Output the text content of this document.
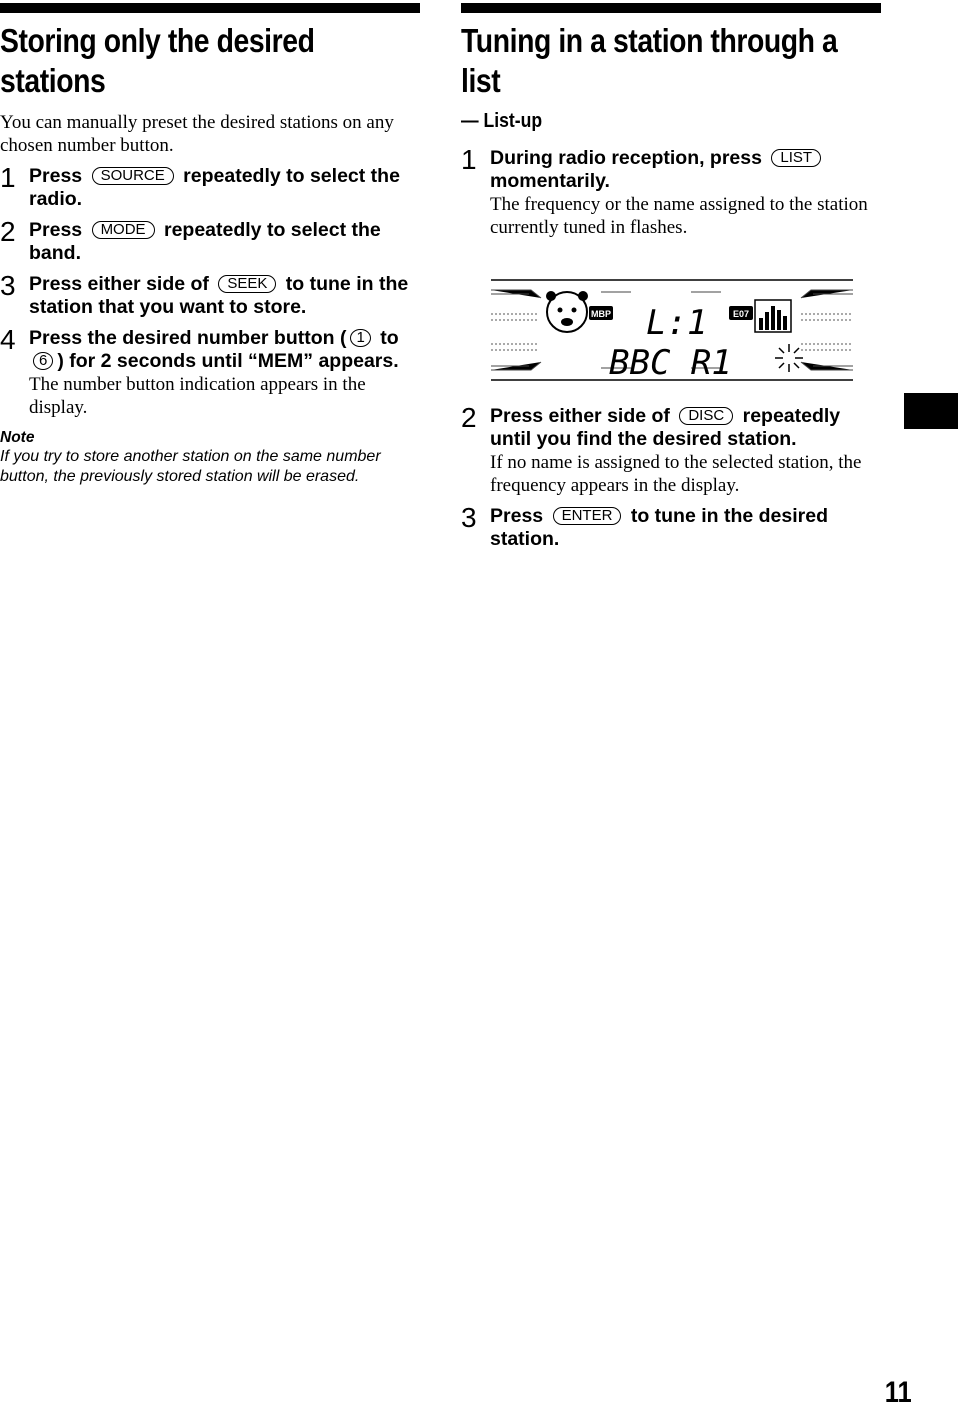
Storing only the desired stations
You can manually preset the desired stations on any chosen number button.
1 Press SOURCE repeatedly to select the radio.
2 Press MODE repeatedly to select the band.
3 Press either side of SEEK to tune in the station that you want to store.
4 Press the desired number button ( 1 to 6 ) for 2 seconds until “MEM” appears.
The number button indication appears in the display.
Note
If you try to store another station on the same number button, the previously stored station will be erased.
Tuning in a station through a list
— List-up
1 During radio reception, press LIST momentarily.
The frequency or the name assigned to the station currently tuned in flashes.
2 Press either side of DISC repeatedly until you find the desired station.
If no name is assigned to the selected station, the frequency appears in the display.
3 Press ENTER to tune in the desired station.
MBP L:1	E07
BBC R1
11
